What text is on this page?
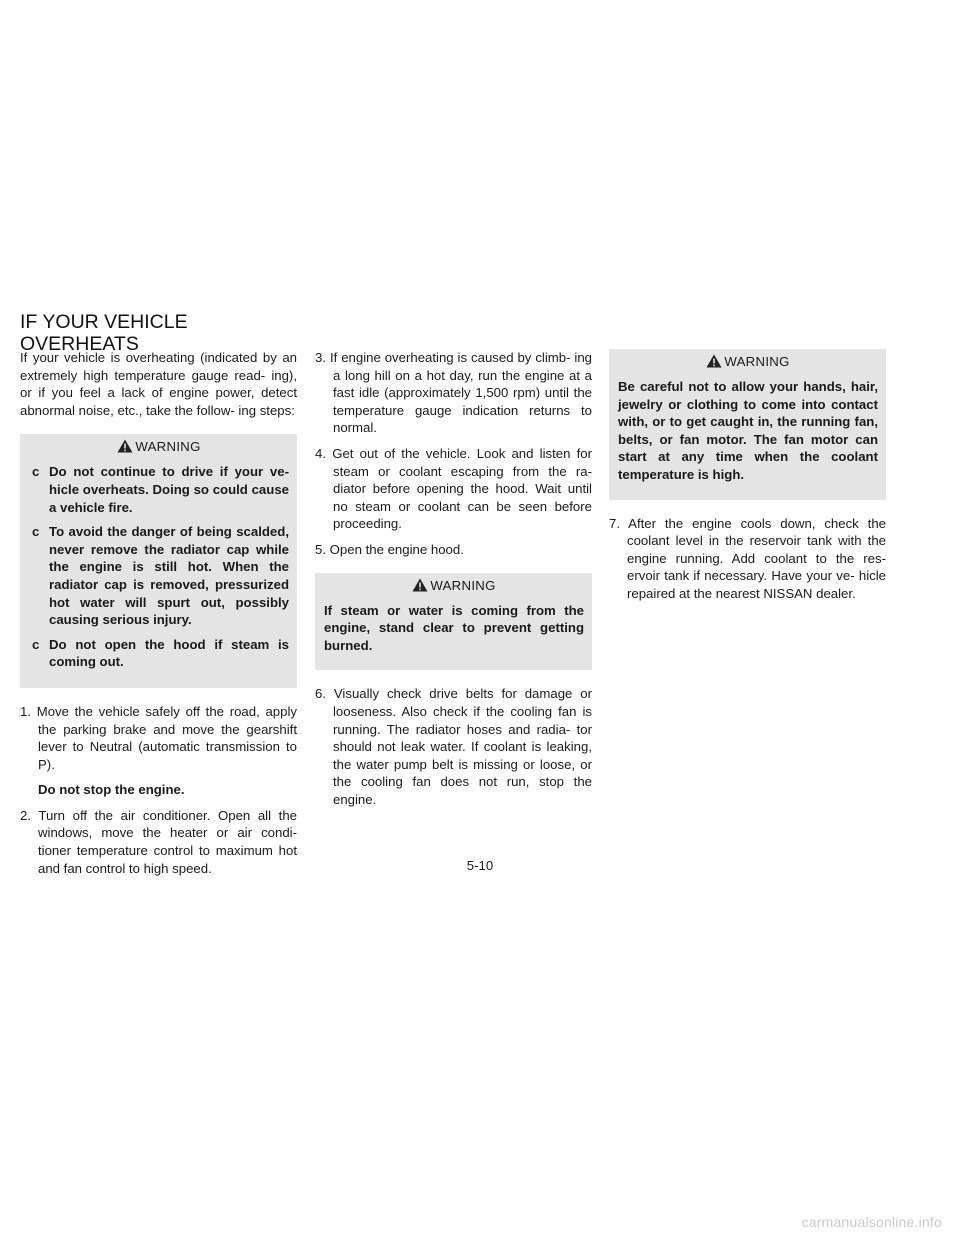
IF YOUR VEHICLE
OVERHEATS

If your vehicle is overheating (indicated by an extremely high temperature gauge read- ing), or if you feel a lack of engine power, detect abnormal noise, etc., take the follow- ing steps:

WARNING
c Do not continue to drive if your ve- hicle overheats. Doing so could cause a vehicle fire.
c To avoid the danger of being scalded, never remove the radiator cap while the engine is still hot. When the radiator cap is removed, pressurized hot water will spurt out, possibly causing serious injury.
c Do not open the hood if steam is coming out.

1. Move the vehicle safely off the road, apply the parking brake and move the gearshift lever to Neutral (automatic transmission to P).

Do not stop the engine.

2. Turn off the air conditioner. Open all the windows, move the heater or air condi- tioner temperature control to maximum hot and fan control to high speed.

3. If engine overheating is caused by climb- ing a long hill on a hot day, run the engine at a fast idle (approximately 1,500 rpm) until the temperature gauge indication returns to normal.

4. Get out of the vehicle. Look and listen for steam or coolant escaping from the ra- diator before opening the hood. Wait until no steam or coolant can be seen before proceeding.

5. Open the engine hood.

WARNING

If steam or water is coming from the engine, stand clear to prevent getting burned.

6. Visually check drive belts for damage or looseness. Also check if the cooling fan is running. The radiator hoses and radia- tor should not leak water. If coolant is leaking, the water pump belt is missing or loose, or the cooling fan does not run, stop the engine.

WARNING

Be careful not to allow your hands, hair, jewelry or clothing to come into contact with, or to get caught in, the running fan, belts, or fan motor. The fan motor can start at any time when the coolant temperature is high.

7. After the engine cools down, check the coolant level in the reservoir tank with the engine running. Add coolant to the res- ervoir tank if necessary. Have your ve- hicle repaired at the nearest NISSAN dealer.

5-10
carmanualsonline.info
